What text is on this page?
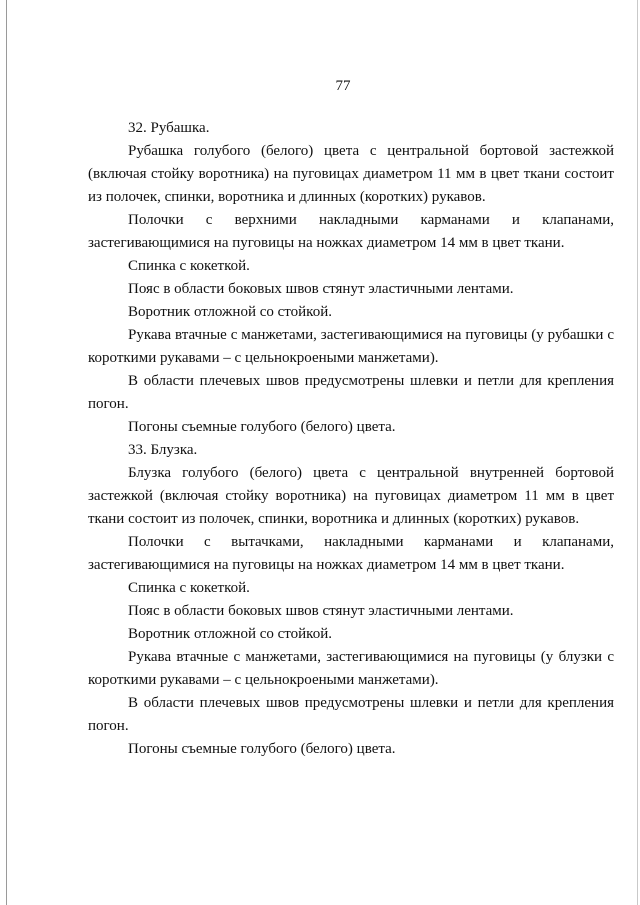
77

32. Рубашка.

Рубашка голубого (белого) цвета с центральной бортовой застежкой (включая стойку воротника) на пуговицах диаметром 11 мм в цвет ткани состоит из полочек, спинки, воротника и длинных (коротких) рукавов.

Полочки с верхними накладными карманами и клапанами, застегивающимися на пуговицы на ножках диаметром 14 мм в цвет ткани.

Спинка с кокеткой.

Пояс в области боковых швов стянут эластичными лентами.

Воротник отложной со стойкой.

Рукава втачные с манжетами, застегивающимися на пуговицы (у рубашки с короткими рукавами – с цельнокроеными манжетами).

В области плечевых швов предусмотрены шлевки и петли для крепления погон.

Погоны съемные голубого (белого) цвета.

33. Блузка.

Блузка голубого (белого) цвета с центральной внутренней бортовой застежкой (включая стойку воротника) на пуговицах диаметром 11 мм в цвет ткани состоит из полочек, спинки, воротника и длинных (коротких) рукавов.

Полочки с вытачками, накладными карманами и клапанами, застегивающимися на пуговицы на ножках диаметром 14 мм в цвет ткани.

Спинка с кокеткой.

Пояс в области боковых швов стянут эластичными лентами.

Воротник отложной со стойкой.

Рукава втачные с манжетами, застегивающимися на пуговицы (у блузки с короткими рукавами – с цельнокроеными манжетами).

В области плечевых швов предусмотрены шлевки и петли для крепления погон.

Погоны съемные голубого (белого) цвета.
